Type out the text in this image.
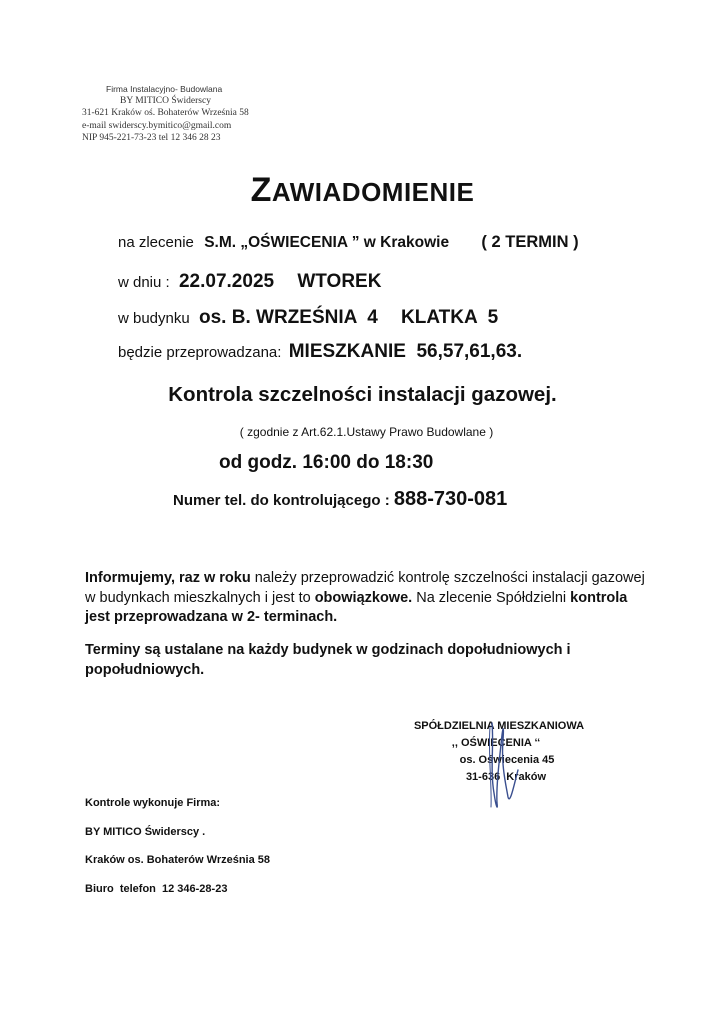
Firma Instalacyjno- Budowlana
BY MITICO Świderscy
31-621 Kraków oś. Bohaterów Września 58
e-mail swiderscy.bymitico@gmail.com
NIP 945-221-73-23 tel 12 346 28 23
ZAWIADOMIENIE
na zlecenie S.M. „OŚWIECENIA ” w Krakowie ( 2 TERMIN )
w dniu : 22.07.2025 WTOREK
w budynku os. B. WRZEŚNIA  4 KLATKA  5
będzie przeprowadzana: MIESZKANIE  56,57,61,63.
Kontrola szczelności instalacji gazowej.
( zgodnie z Art.62.1.Ustawy Prawo Budowlane )
od godz. 16:00 do 18:30
Numer tel. do kontrolującego : 888-730-081
Informujemy, raz w roku należy przeprowadzić kontrolę szczelności instalacji gazowej w budynkach mieszkalnych i jest to obowiązkowe. Na zlecenie Spółdzielni kontrola jest przeprowadzana w 2- terminach.
Terminy są ustalane na każdy budynek w godzinach dopołudniowych i popołudniowych.
SPÓŁDZIELNIA MIESZKANIOWA
,, OŚWIECENIA ‘‘
os. Oświecenia 45
31-636  Kraków
Kontrole wykonuje Firma:
BY MITICO Świderscy .
Kraków os. Bohaterów Września 58
Biuro  telefon  12 346-28-23
